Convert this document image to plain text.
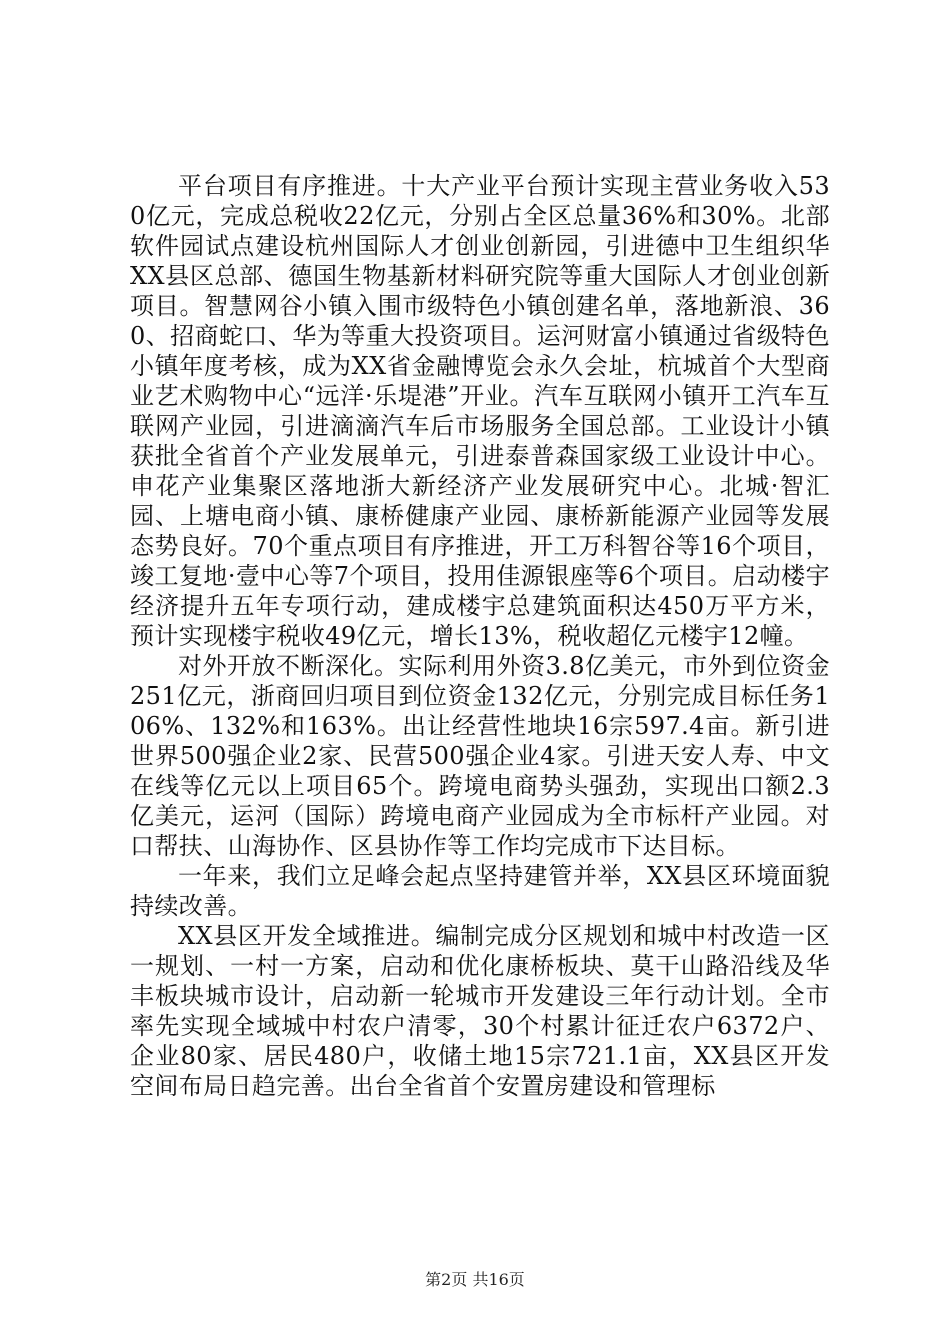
平台项目有序推进。十大产业平台预计实现主营业务收入530亿元，完成总税收22亿元，分别占全区总量36%和30%。北部软件园试点建设杭州国际人才创业创新园，引进德中卫生组织华XX县区总部、德国生物基新材料研究院等重大国际人才创业创新项目。智慧网谷小镇入围市级特色小镇创建名单，落地新浪、360、招商蛇口、华为等重大投资项目。运河财富小镇通过省级特色小镇年度考核，成为XX省金融博览会永久会址，杭城首个大型商业艺术购物中心“远洋·乐堤港”开业。汽车互联网小镇开工汽车互联网产业园，引进滴滴汽车后市场服务全国总部。工业设计小镇获批全省首个产业发展单元，引进泰普森国家级工业设计中心。申花产业集聚区落地浙大新经济产业发展研究中心。北城·智汇园、上塘电商小镇、康桥健康产业园、康桥新能源产业园等发展态势良好。70个重点项目有序推进，开工万科智谷等16个项目，竣工复地·壹中心等7个项目，投用佳源银座等6个项目。启动楼宇经济提升五年专项行动，建成楼宇总建筑面积达450万平方米，预计实现楼宇税收49亿元，增长13%，税收超亿元楼宇12幢。

对外开放不断深化。实际利用外资3.8亿美元，市外到位资金251亿元，浙商回归项目到位资金132亿元，分别完成目标任务106%、132%和163%。出让经营性地块16宗597.4亩。新引进世界500强企业2家、民营500强企业4家。引进天安人寿、中文在线等亿元以上项目65个。跨境电商势头强劲，实现出口额2.3亿美元，运河（国际）跨境电商产业园成为全市标杆产业园。对口帮扶、山海协作、区县协作等工作均完成市下达目标。

一年来，我们立足峰会起点坚持建管并举，XX县区环境面貌持续改善。

XX县区开发全域推进。编制完成分区规划和城中村改造一区一规划、一村一方案，启动和优化康桥板块、莫干山路沿线及华丰板块城市设计，启动新一轮城市开发建设三年行动计划。全市率先实现全域城中村农户清零，30个村累计征迁农户6372户、企业80家、居民480户，收储土地15宗721.1亩，XX县区开发空间布局日趋完善。出台全省首个安置房建设和管理标

第2页 共16页
